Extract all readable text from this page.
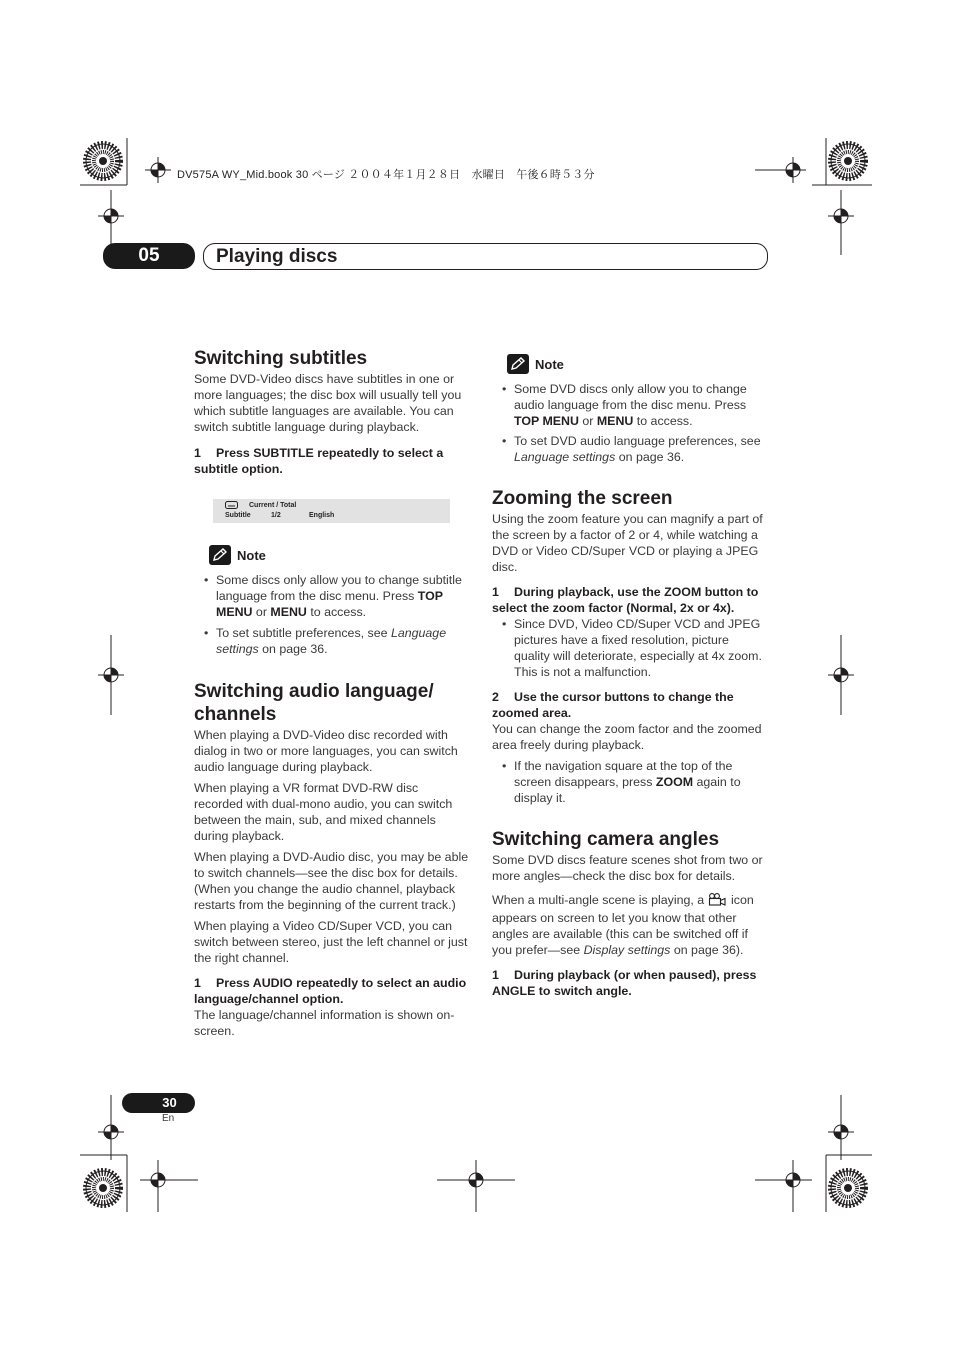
DV575A WY_Mid.book 30 ページ ２００４年１月２８日　水曜日　午後６時５３分
05	Playing discs
Switching subtitles

Some DVD-Video discs have subtitles in one or more languages; the disc box will usually tell you which subtitle languages are available. You can switch subtitle language during playback.

1 Press SUBTITLE repeatedly to select a subtitle option.

Current / Total
Subtitle	1/2	English
Note
• Some discs only allow you to change subtitle language from the disc menu. Press TOP MENU or MENU to access.
• To set subtitle preferences, see Language settings on page 36.
Switching audio language/
channels

When playing a DVD-Video disc recorded with dialog in two or more languages, you can switch audio language during playback.

When playing a VR format DVD-RW disc recorded with dual-mono audio, you can switch between the main, sub, and mixed channels during playback.

When playing a DVD-Audio disc, you may be able to switch channels—see the disc box for details. (When you change the audio channel, playback restarts from the beginning of the current track.)

When playing a Video CD/Super VCD, you can switch between stereo, just the left channel or just the right channel.

1 Press AUDIO repeatedly to select an audio language/channel option.

The language/channel information is shown on-screen.

Note
• Some DVD discs only allow you to change audio language from the disc menu. Press TOP MENU or MENU to access.
• To set DVD audio language preferences, see Language settings on page 36.
Zooming the screen

Using the zoom feature you can magnify a part of the screen by a factor of 2 or 4, while watching a DVD or Video CD/Super VCD or playing a JPEG disc.

1 During playback, use the ZOOM button to select the zoom factor (Normal, 2x or 4x).

• Since DVD, Video CD/Super VCD and JPEG pictures have a fixed resolution, picture quality will deteriorate, especially at 4x zoom. This is not a malfunction.

2 Use the cursor buttons to change the zoomed area.

You can change the zoom factor and the zoomed area freely during playback.

• If the navigation square at the top of the screen disappears, press ZOOM again to display it.
Switching camera angles

Some DVD discs feature scenes shot from two or more angles—check the disc box for details.

When a multi-angle scene is playing, a  icon appears on screen to let you know that other angles are available (this can be switched off if you prefer—see Display settings on page 36).

1 During playback (or when paused), press ANGLE to switch angle.

30
En
